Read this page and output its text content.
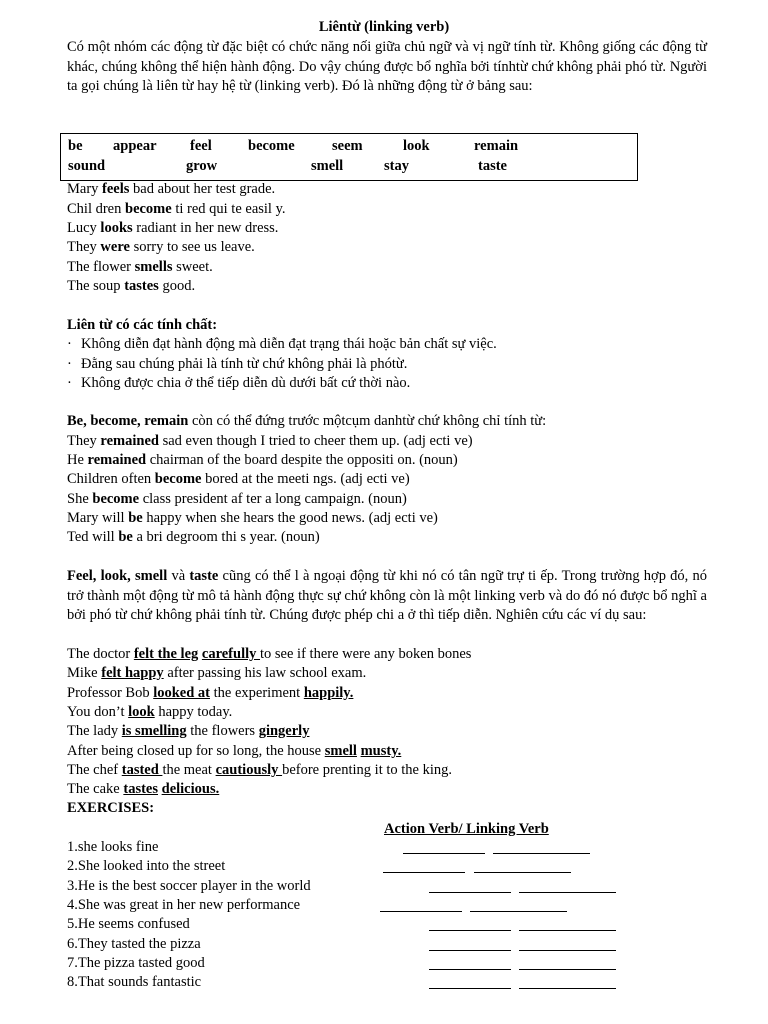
Liêntừ (linking verb)
Có một nhóm các động từ đặc biệt có chức năng nối giữa chủ ngữ và vị ngữ tính từ. Không giống các động từ khác, chúng không thể hiện hành động. Do vậy chúng được bổ nghĩa bởi tínhtừ chứ không phải phó từ. Người ta gọi chúng là liên từ hay hệ từ (linking verb). Đó là những động từ ở bảng sau:
be appear feel	become	seem	look	remain
sound	grow	smell	stay	taste
Mary feels bad about her test grade.
Chil dren become ti red qui te easil y.
Lucy looks radiant in her new dress.
They were sorry to see us leave.
The flower smells sweet.
The soup tastes good.
Liên từ có các tính chất:
· Không diễn đạt hành động mà diễn đạt trạng thái hoặc bản chất sự việc.
· Đằng sau chúng phải là tính từ chứ không phải là phótừ.
· Không được chia ở thể tiếp diễn dù dưới bất cứ thời nào.
Be, become, remain còn có thể đứng trước mộtcụm danhtừ chứ không chỉ tính từ:
They remained sad even though I tried to cheer them up. (adj ecti ve)
He remained chairman of the board despite the oppositi on. (noun)
Children often become bored at the meeti ngs. (adj ecti ve)
She become class president af ter a long campaign. (noun)
Mary will be happy when she hears the good news. (adj ecti ve)
Ted will be a bri degroom thi s year. (noun)
Feel, look, smell và taste cũng có thể l à ngoại động từ khi nó có tân ngữ trự ti ếp. Trong trường hợp đó, nó trở thành một động từ mô tả hành động thực sự chứ không còn là một linking verb và do đó nó được bổ nghĩ a bởi phó từ chứ không phải tính từ. Chúng được phép chi a ở thì tiếp diễn. Nghiên cứu các ví dụ sau:
The doctor felt the leg carefully to see if there were any boken bones
Mike felt happy after passing his law school exam.
Professor Bob looked at the experiment happily.
You don’t look happy today.
The lady is smelling the flowers gingerly
After being closed up for so long, the house smell musty.
The chef tasted the meat cautiously before prenting it to the king.
The cake tastes delicious.
EXERCISES:
Action Verb/ Linking Verb
1.she looks fine
2.She looked into the street
3.He is the best soccer player in the world
4.She was great in her new performance
5.He seems confused
6.They tasted the pizza
7.The pizza tasted good
8.That sounds fantastic
